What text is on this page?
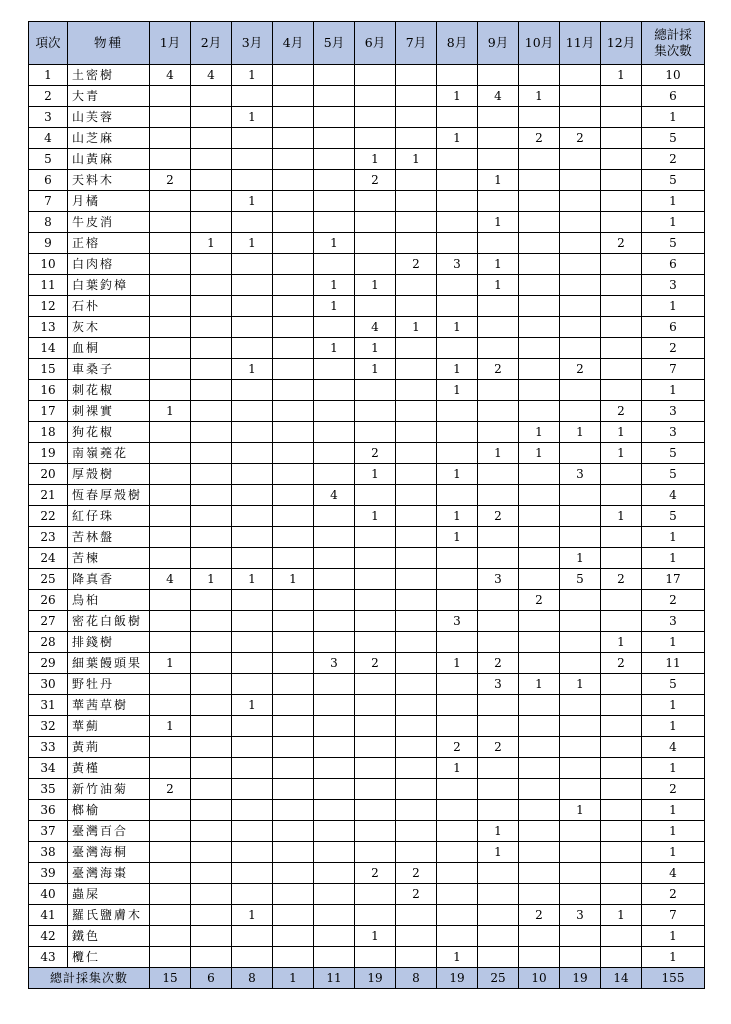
項次	物種	1月	2月	3月	4月	5月	6月	7月	8月	9月	10月	11月	12月	總計採
集次數
1	土密樹	4	4	1									1	10
2	大青								1	4	1			6
3	山芙蓉			1										1
4	山芝麻								1		2	2		5
5	山黃麻						1	1						2
6	天料木	2					2			1				5
7	月橘			1										1
8	牛皮消									1				1
9	正榕		1	1		1							2	5
10	白肉榕							2	3	1				6
11	白葉釣樟					1	1			1				3
12	石朴					1								1
13	灰木						4	1	1					6
14	血桐					1	1							2
15	車桑子			1			1		1	2		2		7
16	刺花椒								1					1
17	刺裸實	1											2	3
18	狗花椒										1	1	1	3
19	南嶺蕘花						2			1	1		1	5
20	厚殼樹						1		1			3		5
21	恆春厚殼樹					4								4
22	紅仔珠						1		1	2			1	5
23	苦林盤								1					1
24	苦楝											1		1
25	降真香	4	1	1	1					3		5	2	17
26	烏桕										2			2
27	密花白飯樹								3					3
28	排錢樹												1	1
29	細葉饅頭果	1				3	2		1	2			2	11
30	野牡丹									3	1	1		5
31	華茜草樹			1										1
32	華薊	1												1
33	黃荊								2	2				4
34	黃槿								1					1
35	新竹油菊	2												2
36	榔榆											1		1
37	臺灣百合									1				1
38	臺灣海桐									1				1
39	臺灣海棗						2	2						4
40	蟲屎							2						2
41	羅氏鹽膚木			1							2	3	1	7
42	鐵色						1							1
43	欖仁								1					1
總計採集次數		15	6	8	1	11	19	8	19	25	10	19	14	155
